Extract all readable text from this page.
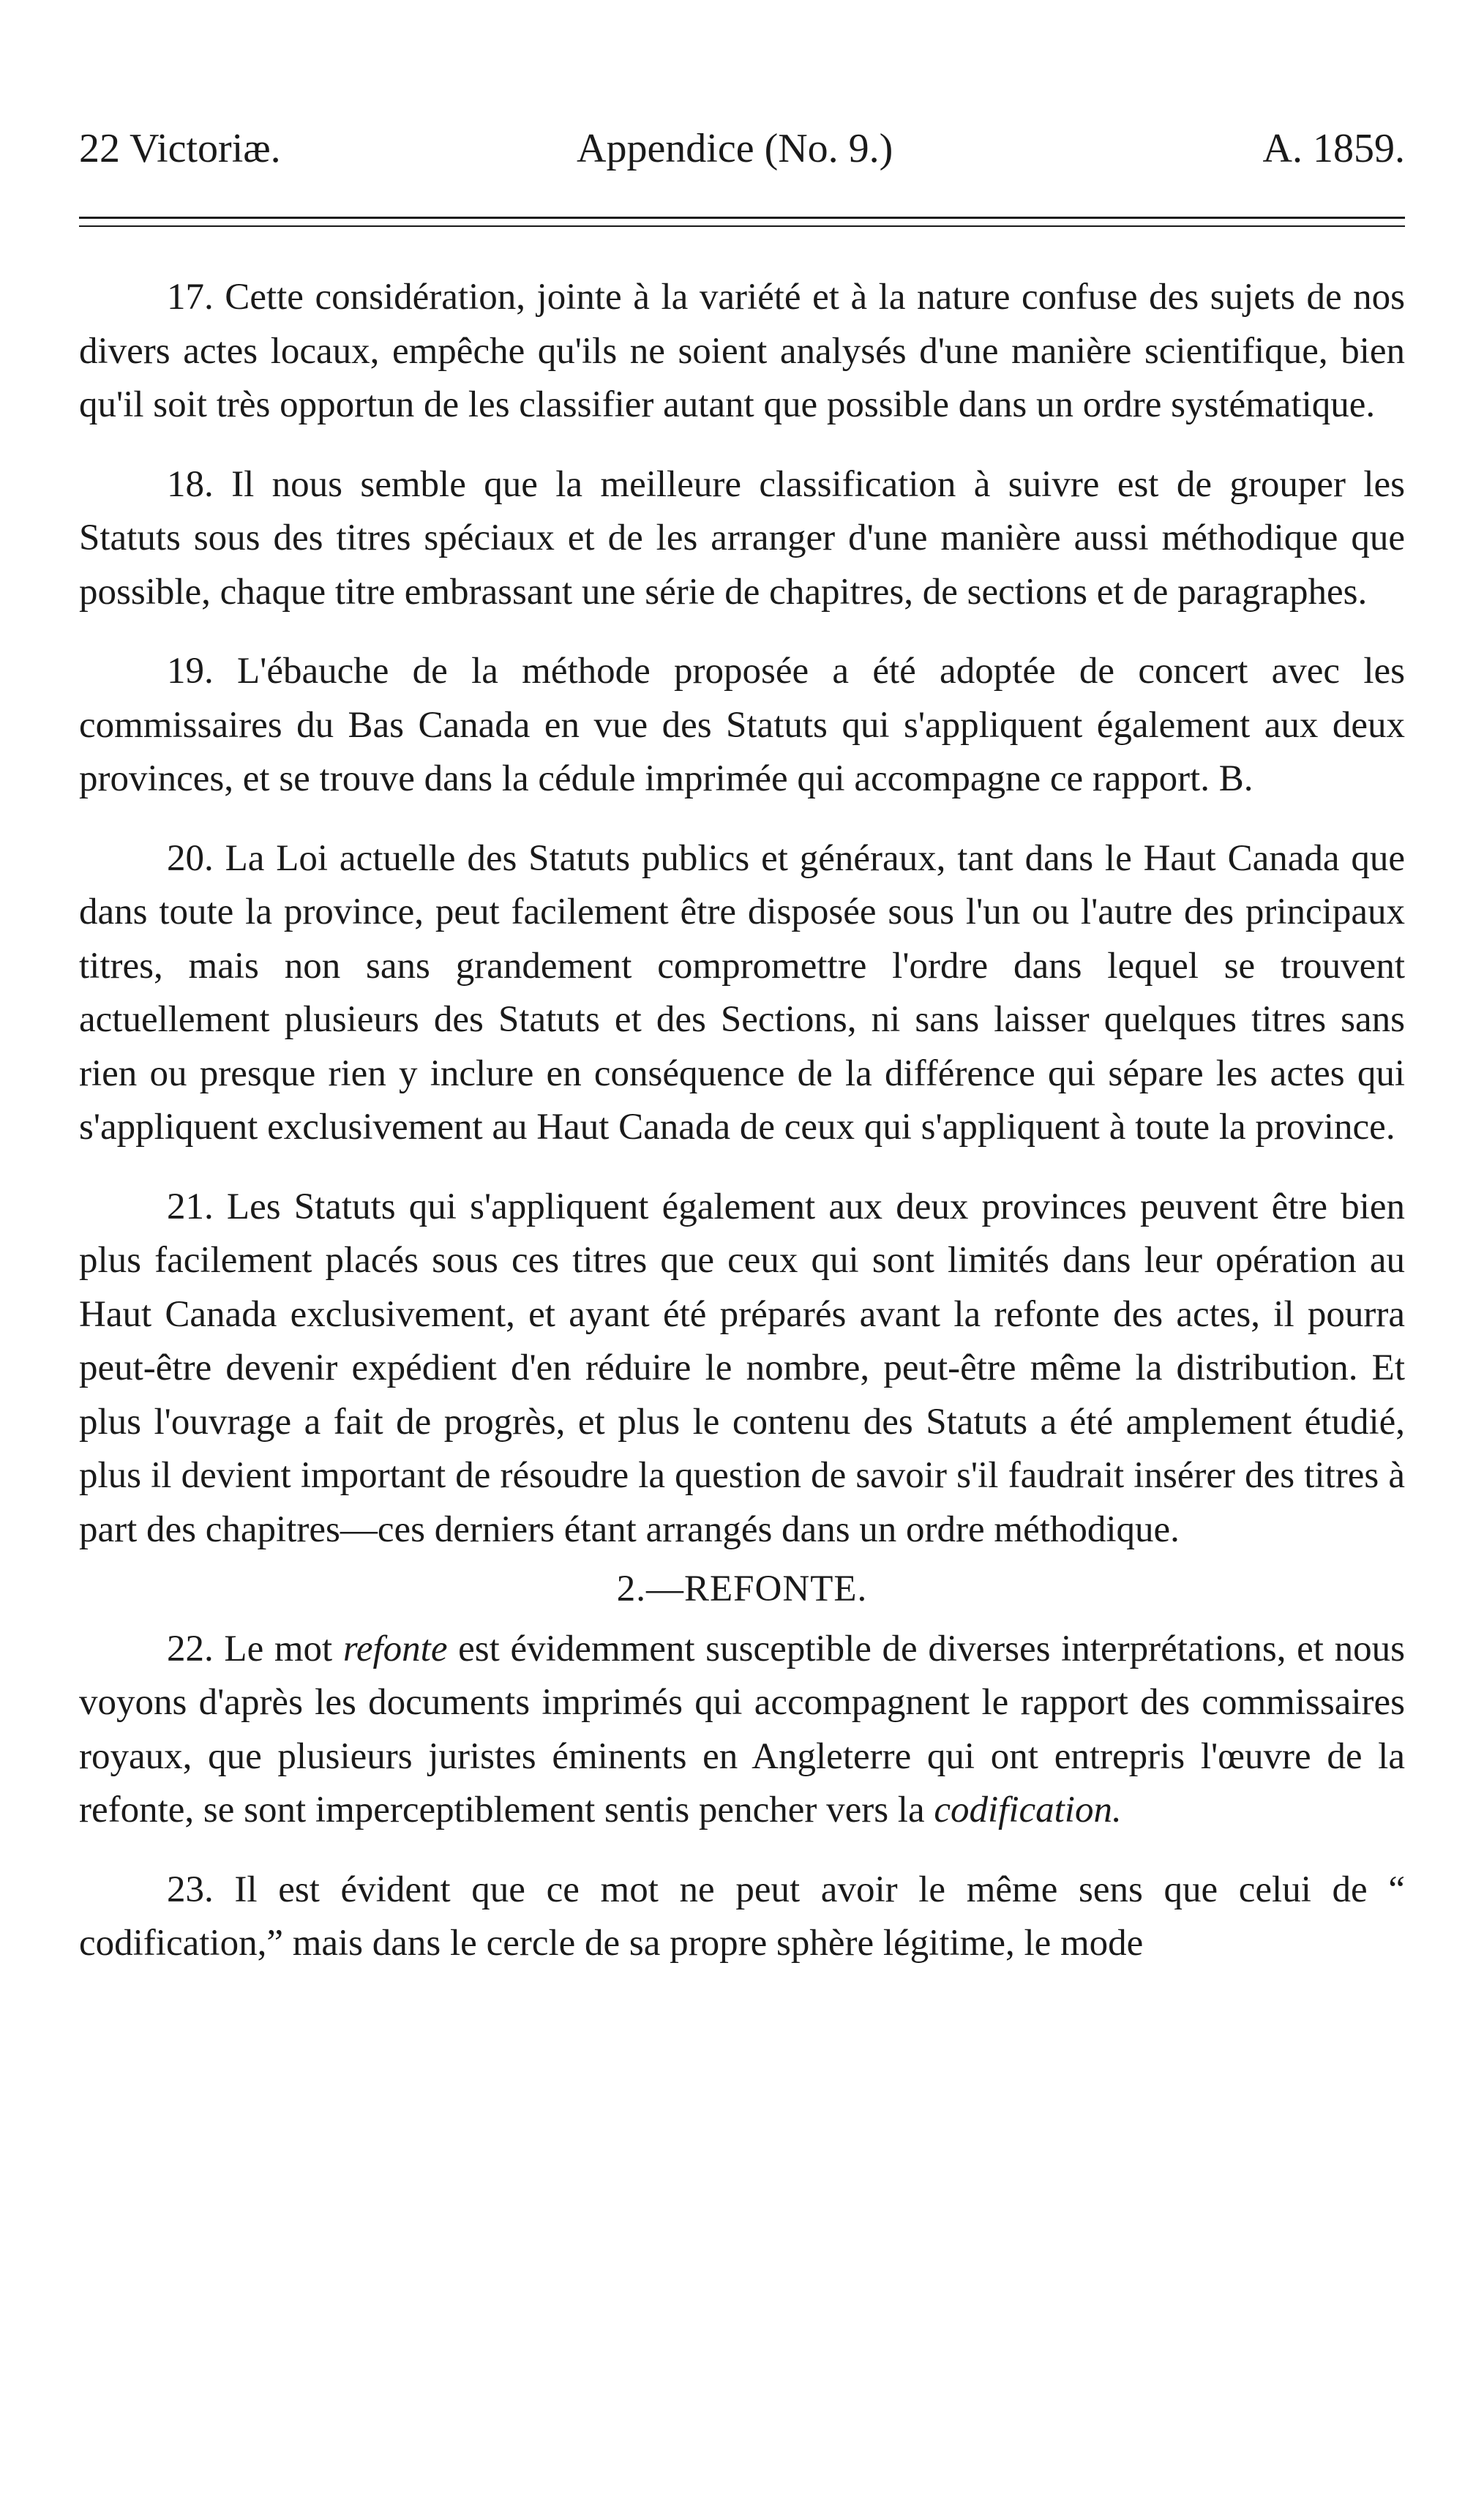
22 Victoriæ.	Appendice (No. 9.)	A. 1859.

17. Cette considération, jointe à la variété et à la nature confuse des sujets de nos divers actes locaux, empêche qu'ils ne soient analysés d'une manière scientifique, bien qu'il soit très opportun de les classifier autant que possible dans un ordre systématique.

18. Il nous semble que la meilleure classification à suivre est de grouper les Statuts sous des titres spéciaux et de les arranger d'une manière aussi méthodique que possible, chaque titre embrassant une série de chapitres, de sections et de paragraphes.

19. L'ébauche de la méthode proposée a été adoptée de concert avec les commissaires du Bas Canada en vue des Statuts qui s'appliquent également aux deux provinces, et se trouve dans la cédule imprimée qui accompagne ce rapport. B.

20. La Loi actuelle des Statuts publics et généraux, tant dans le Haut Canada que dans toute la province, peut facilement être disposée sous l'un ou l'autre des principaux titres, mais non sans grandement compromettre l'ordre dans lequel se trouvent actuellement plusieurs des Statuts et des Sections, ni sans laisser quelques titres sans rien ou presque rien y inclure en conséquence de la différence qui sépare les actes qui s'appliquent exclusivement au Haut Canada de ceux qui s'appliquent à toute la province.

21. Les Statuts qui s'appliquent également aux deux provinces peuvent être bien plus facilement placés sous ces titres que ceux qui sont limités dans leur opération au Haut Canada exclusivement, et ayant été préparés avant la refonte des actes, il pourra peut-être devenir expédient d'en réduire le nombre, peut-être même la distribution. Et plus l'ouvrage a fait de progrès, et plus le contenu des Statuts a été amplement étudié, plus il devient important de résoudre la question de savoir s'il faudrait insérer des titres à part des chapitres—ces derniers étant arrangés dans un ordre méthodique.

2.—REFONTE.

22. Le mot refonte est évidemment susceptible de diverses interprétations, et nous voyons d'après les documents imprimés qui accompagnent le rapport des commissaires royaux, que plusieurs juristes éminents en Angleterre qui ont entrepris l'œuvre de la refonte, se sont imperceptiblement sentis pencher vers la codification.

23. Il est évident que ce mot ne peut avoir le même sens que celui de “ codification,” mais dans le cercle de sa propre sphère légitime, le mode
